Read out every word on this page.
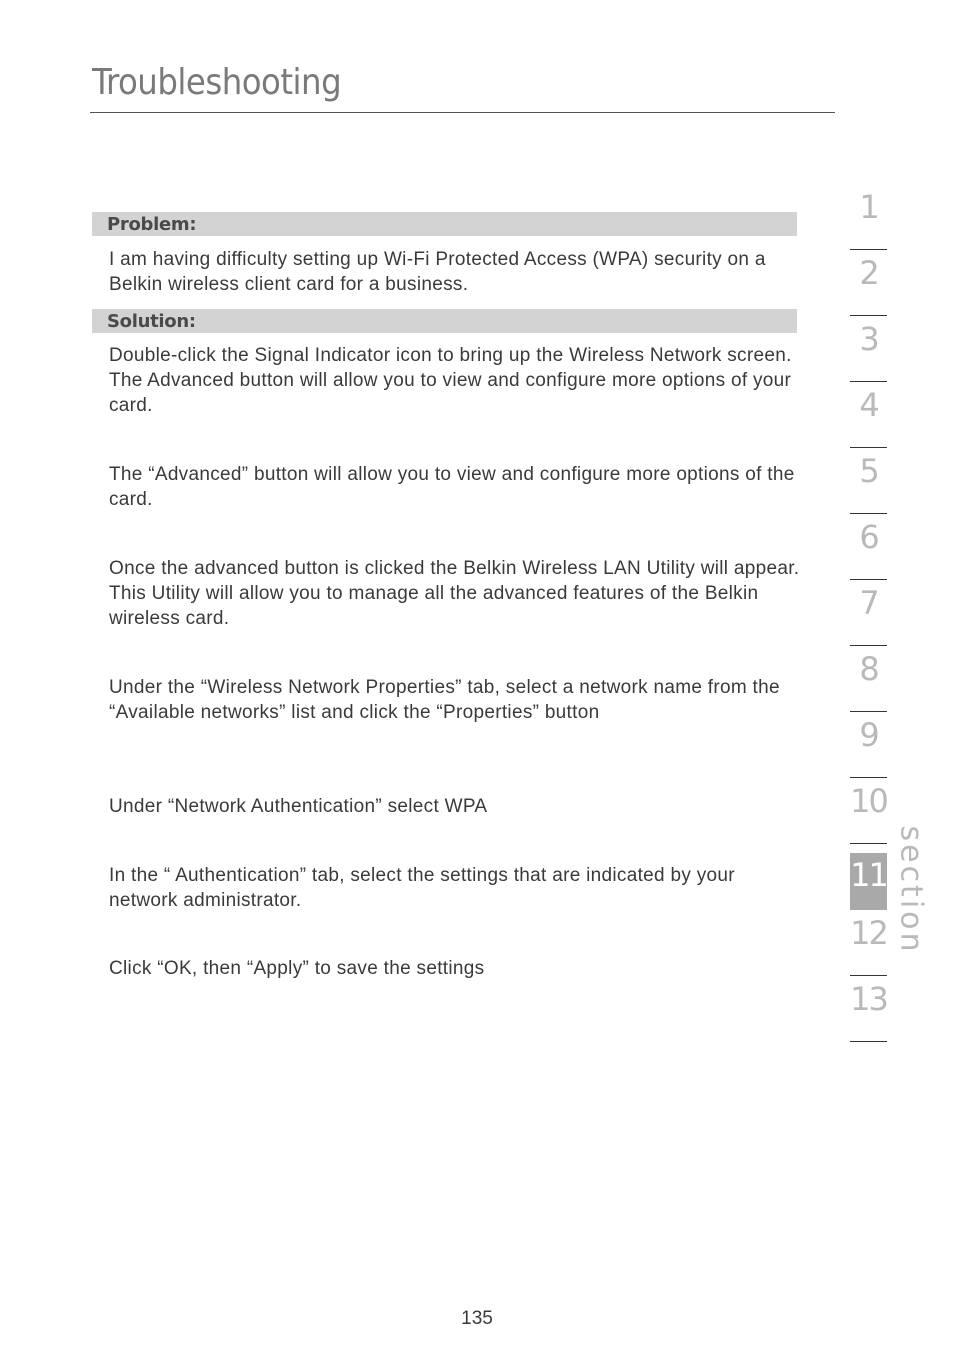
Troubleshooting
Problem:

I am having difficulty setting up Wi-Fi Protected Access (WPA) security on a Belkin wireless client card for a business.

Solution:

Double-click the Signal Indicator icon to bring up the Wireless Network screen. The Advanced button will allow you to view and configure more options of your card.

The “Advanced” button will allow you to view and configure more options of the card.

Once the advanced button is clicked the Belkin Wireless LAN Utility will appear. This Utility will allow you to manage all the advanced features of the Belkin wireless card.

Under the “Wireless Network Properties” tab, select a network name from the “Available networks” list and click the “Properties” button

Under “Network Authentication” select WPA

In the “ Authentication” tab, select the settings that are indicated by your network administrator.

Click “OK, then “Apply” to save the settings

1
2
3
4
5
6
7
8
9
10
11
12
13
section
135
